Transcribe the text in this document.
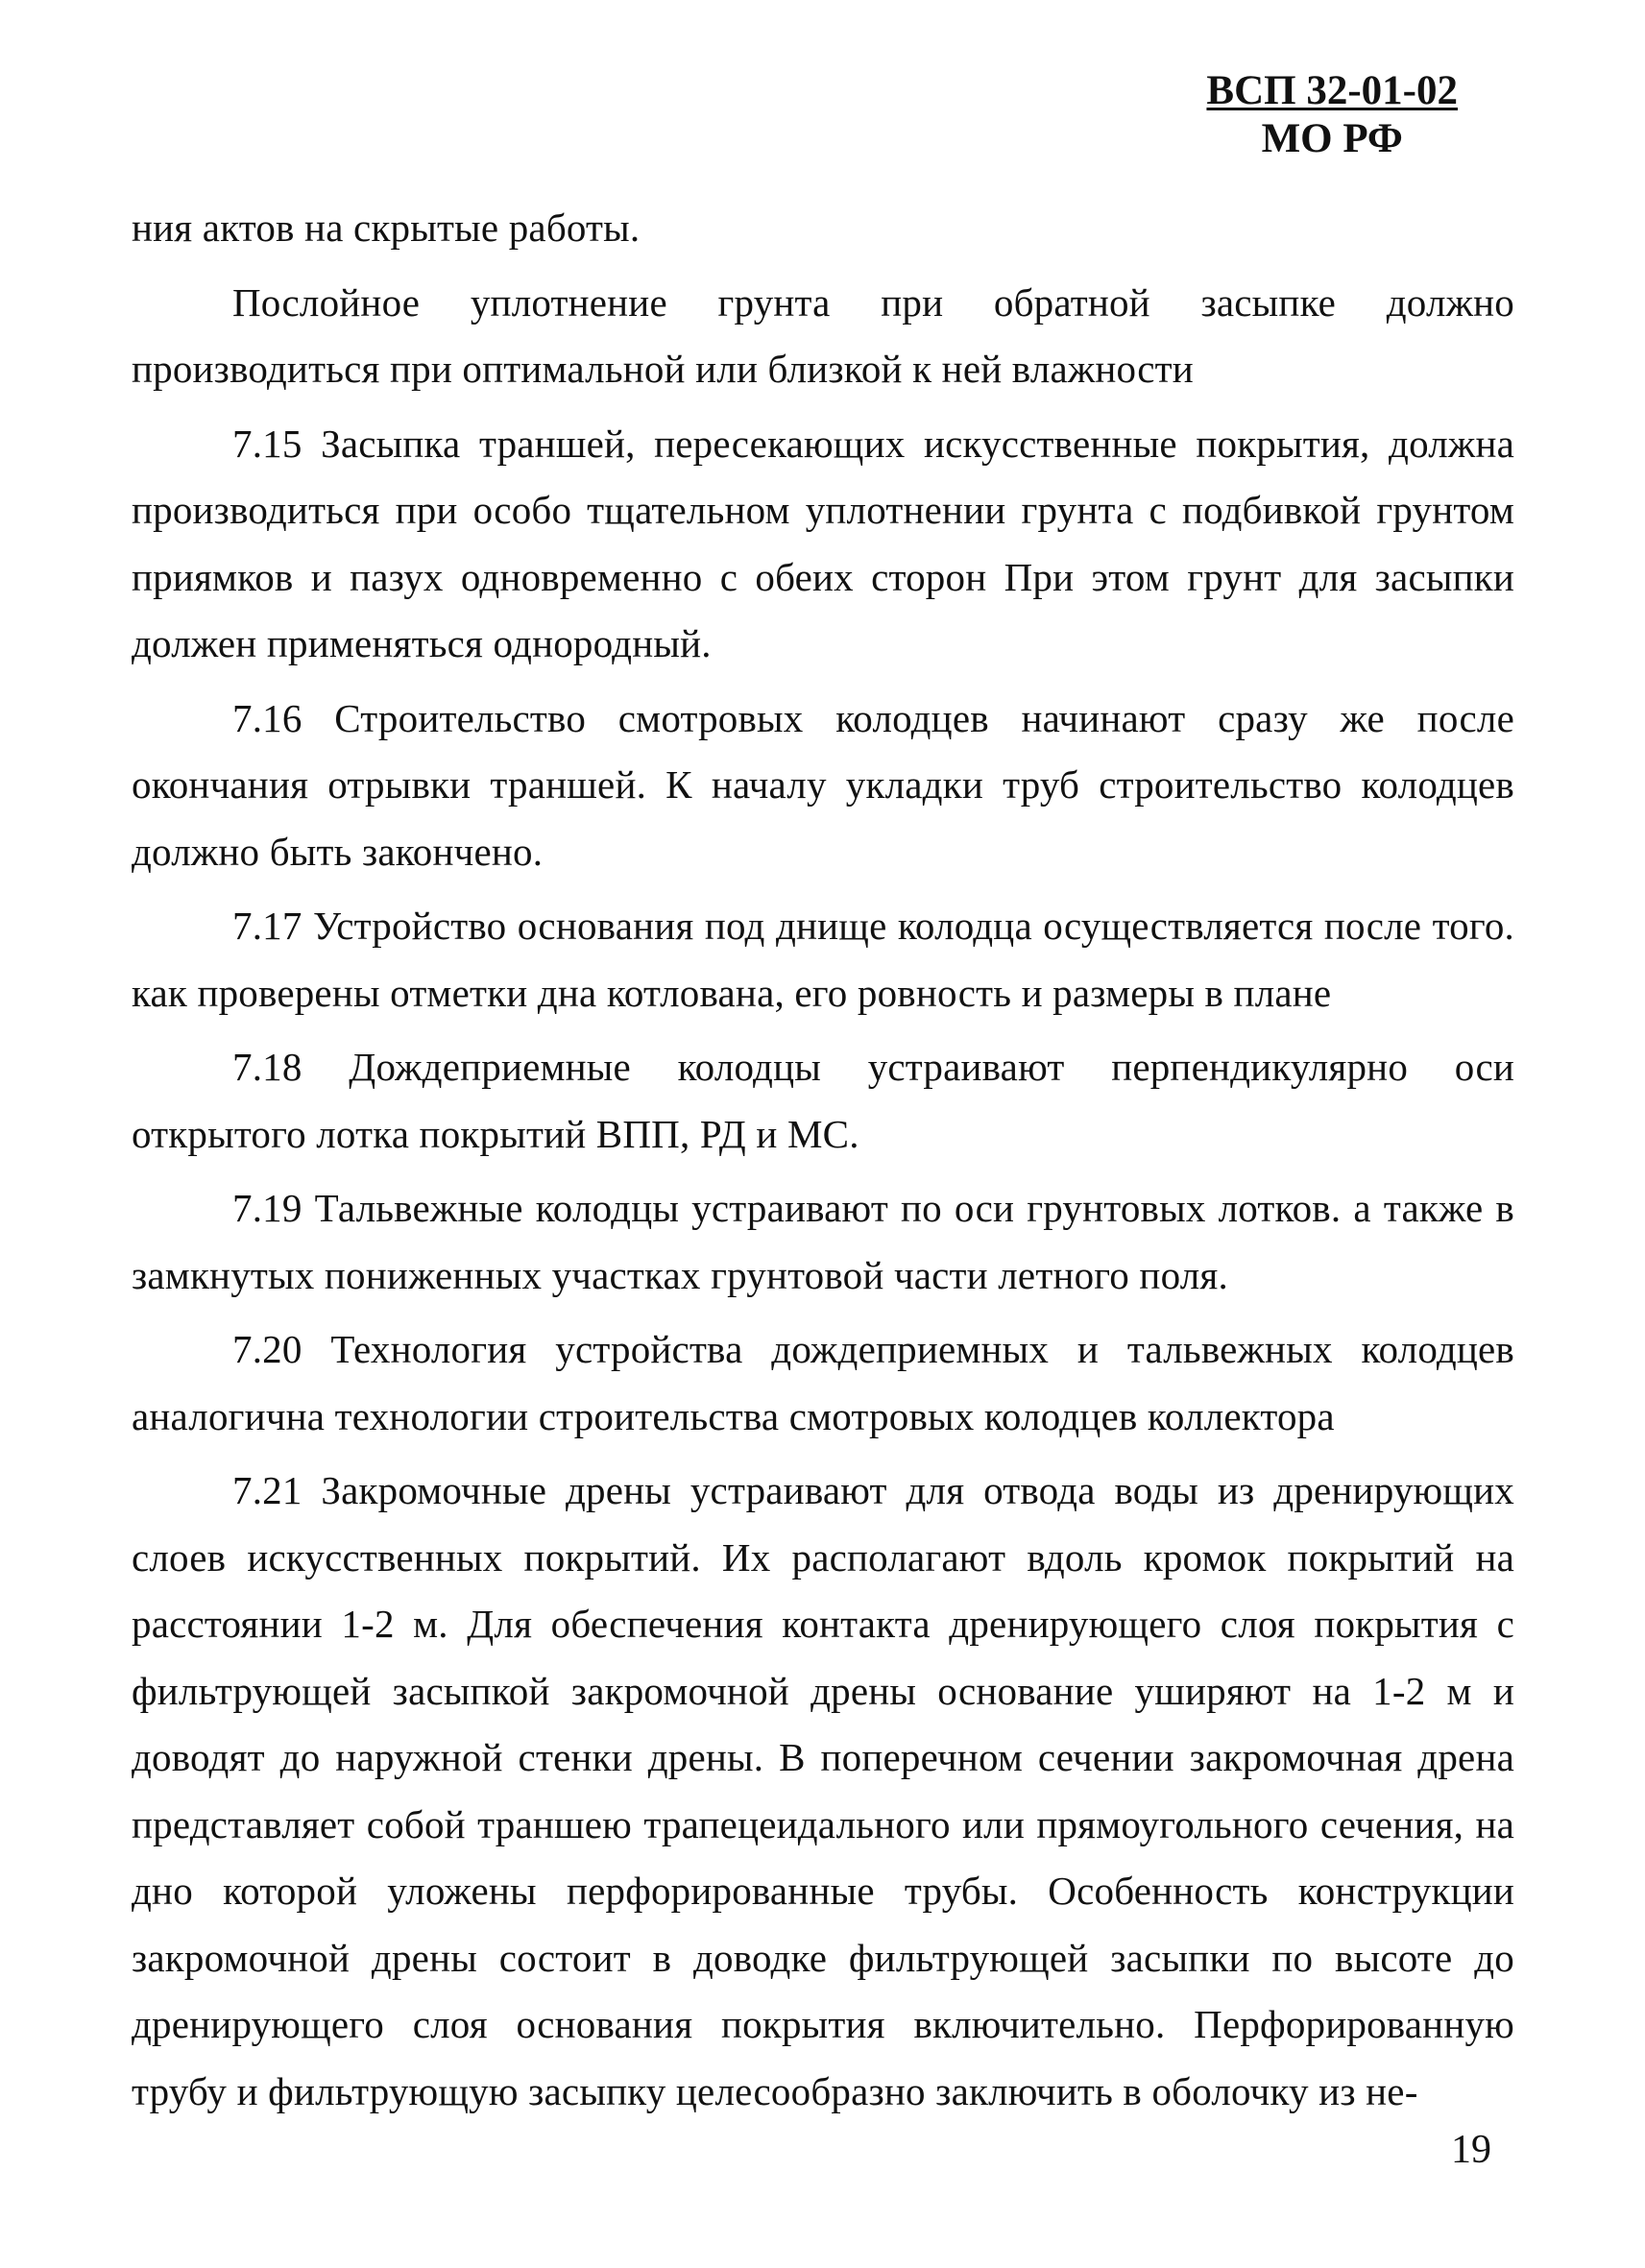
ВСП 32-01-02
МО РФ

ния актов на скрытые работы.

Послойное уплотнение грунта при обратной засыпке должно производиться при оптимальной или близкой к ней влажности

7.15 Засыпка траншей, пересекающих искусственные покрытия, должна производиться при особо тщательном уплотнении грунта с подбивкой грунтом приямков и пазух одновременно с обеих сторон При этом грунт для засыпки должен применяться однородный.

7.16 Строительство смотровых колодцев начинают сразу же после окончания отрывки траншей. К началу укладки труб строительство колодцев должно быть закончено.

7.17 Устройство основания под днище колодца осуществляется после того. как проверены отметки дна котлована, его ровность и размеры в плане

7.18 Дождеприемные колодцы устраивают перпендикулярно оси открытого лотка покрытий ВПП, РД и МС.

7.19 Тальвежные колодцы устраивают по оси грунтовых лотков. а также в замкнутых пониженных участках грунтовой части летного поля.

7.20 Технология устройства дождеприемных и тальвежных колодцев аналогична технологии строительства смотровых колодцев коллектора

7.21 Закромочные дрены устраивают для отвода воды из дренирующих слоев искусственных покрытий. Их располагают вдоль кромок покрытий на расстоянии 1-2 м. Для обеспечения контакта дренирующего слоя покрытия с фильтрующей засыпкой закромочной дрены основание уширяют на 1-2 м и доводят до наружной стенки дрены. В поперечном сечении закромочная дрена представляет собой траншею трапецеидального или прямоугольного сечения, на дно которой уложены перфорированные трубы. Особенность конструкции закромочной дрены состоит в доводке фильтрующей засыпки по высоте до дренирующего слоя основания покрытия включительно. Перфорированную трубу и фильтрующую засыпку целесообразно заключить в оболочку из не-

19
